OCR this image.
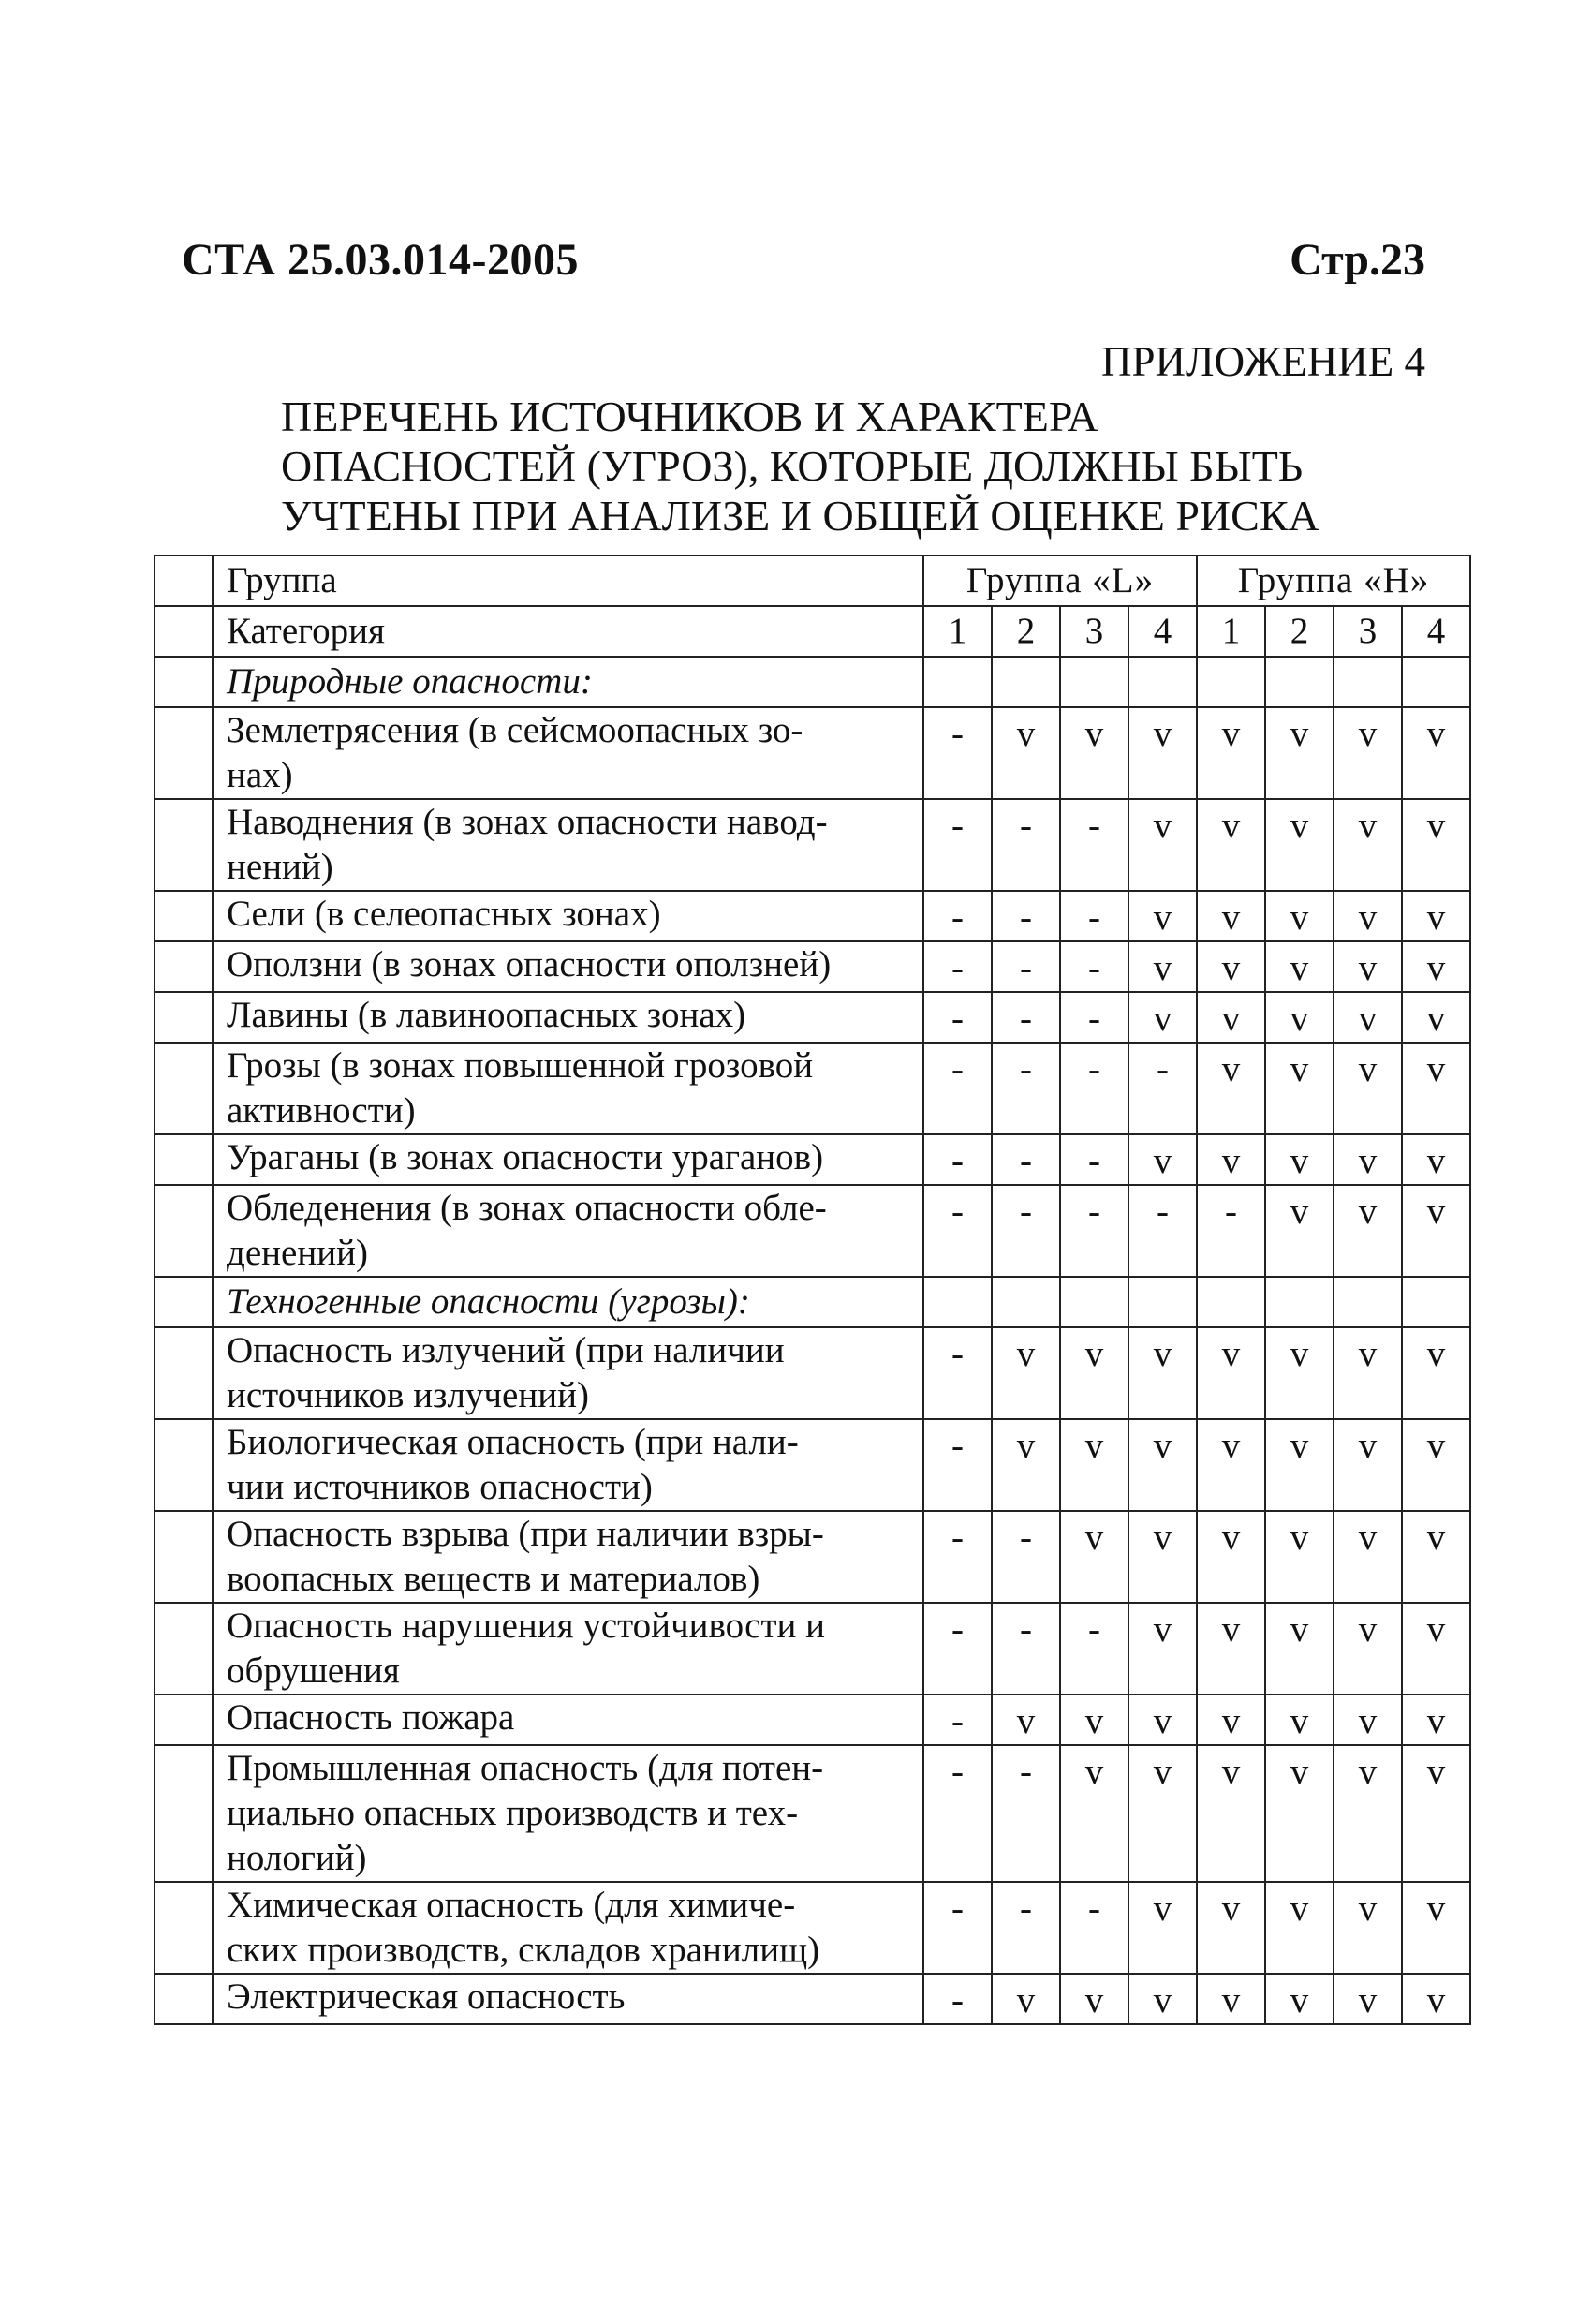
СТА 25.03.014-2005	Стр.23
ПРИЛОЖЕНИЕ 4
ПЕРЕЧЕНЬ ИСТОЧНИКОВ И ХАРАКТЕРА
ОПАСНОСТЕЙ (УГРОЗ), КОТОРЫЕ ДОЛЖНЫ БЫТЬ
УЧТЕНЫ ПРИ АНАЛИЗЕ И ОБЩЕЙ ОЦЕНКЕ РИСКА
	Группа	Группа «L»				Группа «H»			
	Категория	1	2	3	4	1	2	3	4
	Природные опасности:								

	Землетрясения (в сейсмоопасных зо-
нах)	-	v	v	v	v	v	v	v

	Наводнения (в зонах опасности навод-
нений)	-	-	-	v	v	v	v	v

	Сели (в селеопасных зонах)	-	-	-	v	v	v	v	v

	Оползни (в зонах опасности оползней)	-	-	-	v	v	v	v	v

	Лавины (в лавиноопасных зонах)	-	-	-	v	v	v	v	v

	Грозы (в зонах повышенной грозовой
активности)	-	-	-	-	v	v	v	v

	Ураганы (в зонах опасности ураганов)	-	-	-	v	v	v	v	v

	Обледенения (в зонах опасности обле-
денений)	-	-	-	-	-	v	v	v
	Техногенные опасности (угрозы):								

	Опасность излучений (при наличии
источников излучений)	-	v	v	v	v	v	v	v

	Биологическая опасность (при нали-
чии источников опасности)	-	v	v	v	v	v	v	v

	Опасность взрыва (при наличии взры-
воопасных веществ и материалов)	-	-	v	v	v	v	v	v

	Опасность нарушения устойчивости и
обрушения	-	-	-	v	v	v	v	v

	Опасность пожара	-	v	v	v	v	v	v	v

	Промышленная опасность (для потен-
циально опасных производств и тех-
нологий)	-	-	v	v	v	v	v	v

	Химическая опасность (для химиче-
ских производств, складов хранилищ)	-	-	-	v	v	v	v	v

	Электрическая опасность	-	v	v	v	v	v	v	v
